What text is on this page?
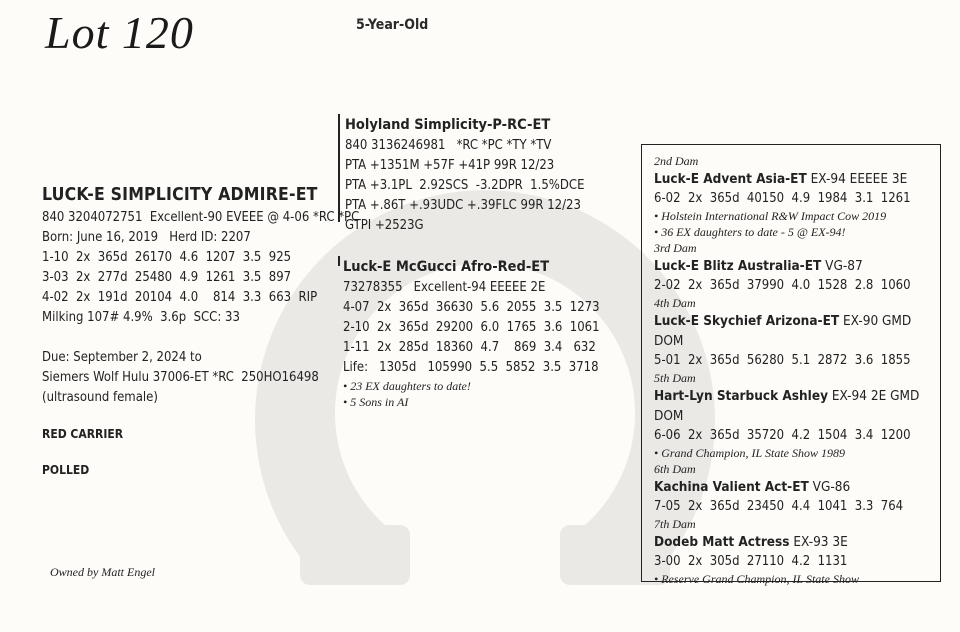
Lot 120	5-Year-Old
LUCK-E SIMPLICITY ADMIRE-ET
840 3204072751  Excellent-90 EVEEE @ 4-06 *RC *PC
Born: June 16, 2019   Herd ID: 2207
1-10  2x  365d  26170  4.6  1207  3.5  925
3-03  2x  277d  25480  4.9  1261  3.5  897
4-02  2x  191d  20104  4.0    814  3.3  663  RIP
Milking 107# 4.9%  3.6p  SCC: 33
Due: September 2, 2024 to
Siemers Wolf Hulu 37006-ET *RC  250HO16498
(ultrasound female)
RED CARRIER
POLLED
Owned by Matt Engel
Holyland Simplicity-P-RC-ET
840 3136246981   *RC *PC *TY *TV
PTA +1351M +57F +41P 99R 12/23
PTA +3.1PL  2.92SCS  -3.2DPR  1.5%DCE
PTA +.86T +.93UDC +.39FLC 99R 12/23
GTPI +2523G
Luck-E McGucci Afro-Red-ET
73278355   Excellent-94 EEEEE 2E
4-07  2x  365d  36630  5.6  2055  3.5  1273
2-10  2x  365d  29200  6.0  1765  3.6  1061
1-11  2x  285d  18360  4.7    869  3.4   632
Life:   1305d   105990  5.5  5852  3.5  3718
• 23 EX daughters to date!
• 5 Sons in AI
2nd Dam
Luck-E Advent Asia-ET EX-94 EEEEE 3E
6-02  2x  365d  40150  4.9  1984  3.1  1261
• Holstein International R&W Impact Cow 2019
• 36 EX daughters to date - 5 @ EX-94!
3rd Dam
Luck-E Blitz Australia-ET VG-87
2-02  2x  365d  37990  4.0  1528  2.8  1060
4th Dam
Luck-E Skychief Arizona-ET EX-90 GMD DOM
5-01  2x  365d  56280  5.1  2872  3.6  1855
5th Dam
Hart-Lyn Starbuck Ashley EX-94 2E GMD DOM
6-06  2x  365d  35720  4.2  1504  3.4  1200
• Grand Champion, IL State Show 1989
6th Dam
Kachina Valient Act-ET VG-86
7-05  2x  365d  23450  4.4  1041  3.3  764
7th Dam
Dodeb Matt Actress EX-93 3E
3-00  2x  305d  27110  4.2  1131
• Reserve Grand Champion, IL State Show
